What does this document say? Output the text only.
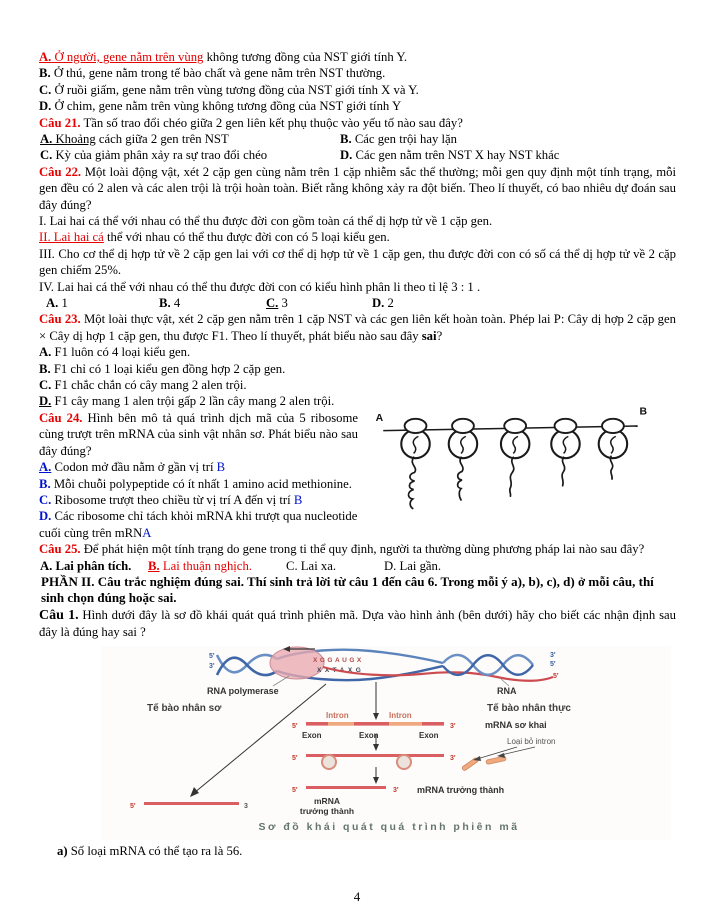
A. Ở người, gene nằm trên vùng không tương đồng của NST giới tính Y.
B. Ở thú, gene nằm trong tế bào chất và gene nằm trên NST thường.
C. Ở ruồi giấm, gene nằm trên vùng tương đồng của NST giới tính X và Y.
D. Ở chim, gene nằm trên vùng không tương đồng của NST giới tính Y
Câu 21. Tần số trao đổi chéo giữa 2 gen liên kết phụ thuộc vào yếu tố nào sau đây?
A. Khoảng cách giữa 2 gen trên NST	B. Các gen trội hay lặn
C. Kỳ của giảm phân xảy ra sự trao đổi chéo	D. Các gen nằm trên NST X hay NST khác
Câu 22. Một loài động vật, xét 2 cặp gen cùng nằm trên 1 cặp nhiễm sắc thể thường; mỗi gen quy định một tính trạng, mỗi gen đều có 2 alen và các alen trội là trội hoàn toàn. Biết rằng không xảy ra đột biến. Theo lí thuyết, có bao nhiêu dự đoán sau đây đúng?
I. Lai hai cá thể với nhau có thể thu được đời con gồm toàn cá thể dị hợp tử về 1 cặp gen.
II. Lai hai cá thể với nhau có thể thu được đời con có 5 loại kiểu gen.
III. Cho cơ thể dị hợp tử về 2 cặp gen lai với cơ thể dị hợp tử về 1 cặp gen, thu được đời con có số cá thể dị hợp tử về 2 cặp gen chiếm 25%.
IV. Lai hai cá thể với nhau có thể thu được đời con có kiểu hình phân li theo tỉ lệ 3 : 1 .
A. 1	B. 4	C. 3	D. 2
Câu 23. Một loài thực vật, xét 2 cặp gen nằm trên 1 cặp NST và các gen liên kết hoàn toàn. Phép lai P: Cây dị hợp 2 cặp gen × Cây dị hợp 1 cặp gen, thu được F1. Theo lí thuyết, phát biểu nào sau đây sai?
A. F1 luôn có 4 loại kiểu gen.
B. F1 chỉ có 1 loại kiểu gen đồng hợp 2 cặp gen.
C. F1 chắc chắn có cây mang 2 alen trội.
D. F1 cây mang 1 alen trội gấp 2 lần cây mang 2 alen trội.
A
B
Câu 24. Hình bên mô tả quá trình dịch mã của 5 ribosome cùng trượt trên mRNA của sinh vật nhân sơ. Phát biểu nào sau đây đúng?
A. Codon mở đầu nằm ở gần vị trí B
B. Mỗi chuỗi polypeptide có ít nhất 1 amino acid methionine.
C. Ribosome trượt theo chiều từ vị trí A đến vị trí B
D. Các ribosome chỉ tách khỏi mRNA khi trượt qua nucleotide cuối cùng trên mRNA
Câu 25. Để phát hiện một tính trạng do gene trong ti thể quy định, người ta thường dùng phương pháp lai nào sau đây?
A. Lai phân tích. B. Lai thuận nghịch.	C. Lai xa.	D. Lai gần.
PHẦN II. Câu trắc nghiệm đúng sai. Thí sinh trả lời từ câu 1 đến câu 6. Trong mỗi ý a), b), c), d) ở mỗi câu, thí sinh chọn đúng hoặc sai.
Câu 1. Hình dưới đây là sơ đồ khái quát quá trình phiên mã. Dựa vào hình ảnh (bên dưới) hãy cho biết các nhận định sau đây là đúng hay sai ?
5'
3'
XGGAUGX
XXTAXG
3'
5'
5'
RNA polymerase	RNA
Tế bào nhân sơ	Tế bào nhân thực
5'	3'
Intron	Intron
Exon	Exon	Exon
mRNA sơ khai
5'	3'
Loại bỏ intron
5'	3' mRNA trưởng thành
mRNA
trưởng thành
5'	3
Sơ đồ khái quát quá trình phiên mã
a) Số loại mRNA có thể tạo ra là 56.
4
